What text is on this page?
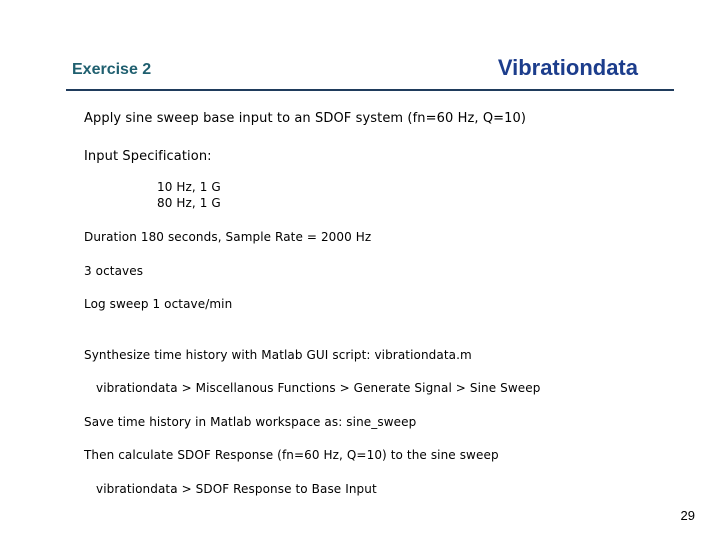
Exercise 2	Vibrationdata
Apply sine sweep base input to an SDOF system (fn=60 Hz, Q=10)
Input Specification:
10 Hz, 1 G
80 Hz, 1 G
Duration 180 seconds, Sample Rate = 2000 Hz
3 octaves
Log sweep 1 octave/min
Synthesize time history with Matlab GUI script: vibrationdata.m
vibrationdata > Miscellanous Functions > Generate Signal > Sine Sweep
Save time history in Matlab workspace as: sine_sweep
Then calculate SDOF Response (fn=60 Hz, Q=10) to the sine sweep
vibrationdata > SDOF Response to Base Input
29
